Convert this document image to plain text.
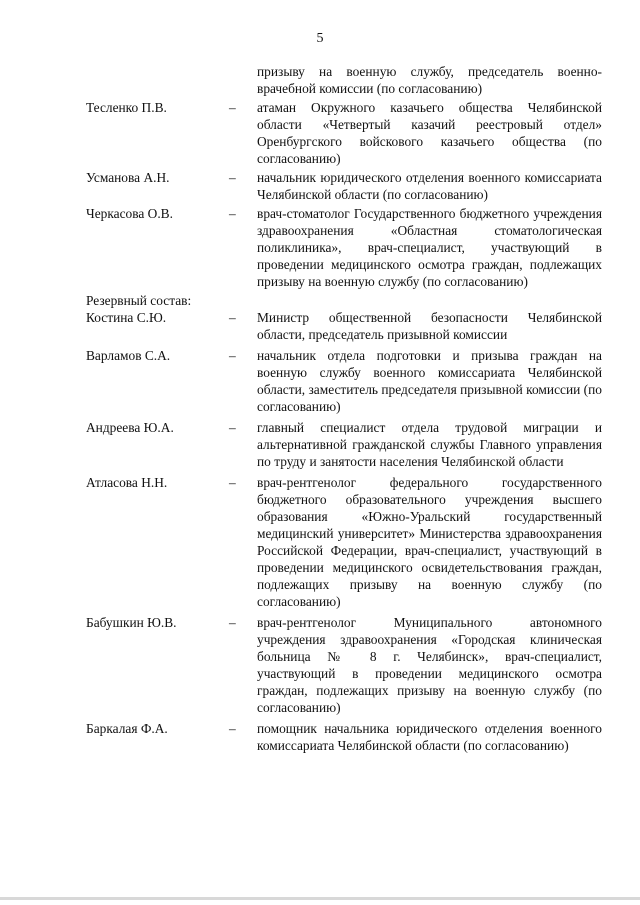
5
призыву на военную службу, председатель военно-врачебной комиссии (по согласованию)
Тесленко П.В.	–	атаман Окружного казачьего общества Челябинской области «Четвертый казачий реестровый отдел» Оренбургского войскового казачьего общества (по согласованию)
Усманова А.Н.	–	начальник юридического отделения военного комиссариата Челябинской области (по согласованию)
Черкасова О.В.	–	врач-стоматолог Государственного бюджетного учреждения здравоохранения «Областная стоматологическая поликлиника», врач-специалист, участвующий в проведении медицинского осмотра граждан, подлежащих призыву на военную службу (по согласованию)
Резервный состав:
Костина С.Ю.	–	Министр общественной безопасности Челябинской области, председатель призывной комиссии
Варламов С.А.	–	начальник отдела подготовки и призыва граждан на военную службу военного комиссариата Челябинской области, заместитель председателя призывной комиссии (по согласованию)
Андреева Ю.А.	–	главный специалист отдела трудовой миграции и альтернативной гражданской службы Главного управления по труду и занятости населения Челябинской области
Атласова Н.Н.	–	врач-рентгенолог федерального государственного бюджетного образовательного учреждения высшего образования «Южно-Уральский государственный медицинский университет» Министерства здравоохранения Российской Федерации, врач-специалист, участвующий в проведении медицинского освидетельствования граждан, подлежащих призыву на военную службу (по согласованию)
Бабушкин Ю.В.	–	врач-рентгенолог Муниципального автономного учреждения здравоохранения «Городская клиническая больница № 8 г. Челябинск», врач-специалист, участвующий в проведении медицинского осмотра граждан, подлежащих призыву на военную службу (по согласованию)
Баркалая Ф.А.	–	помощник начальника юридического отделения военного комиссариата Челябинской области (по согласованию)
